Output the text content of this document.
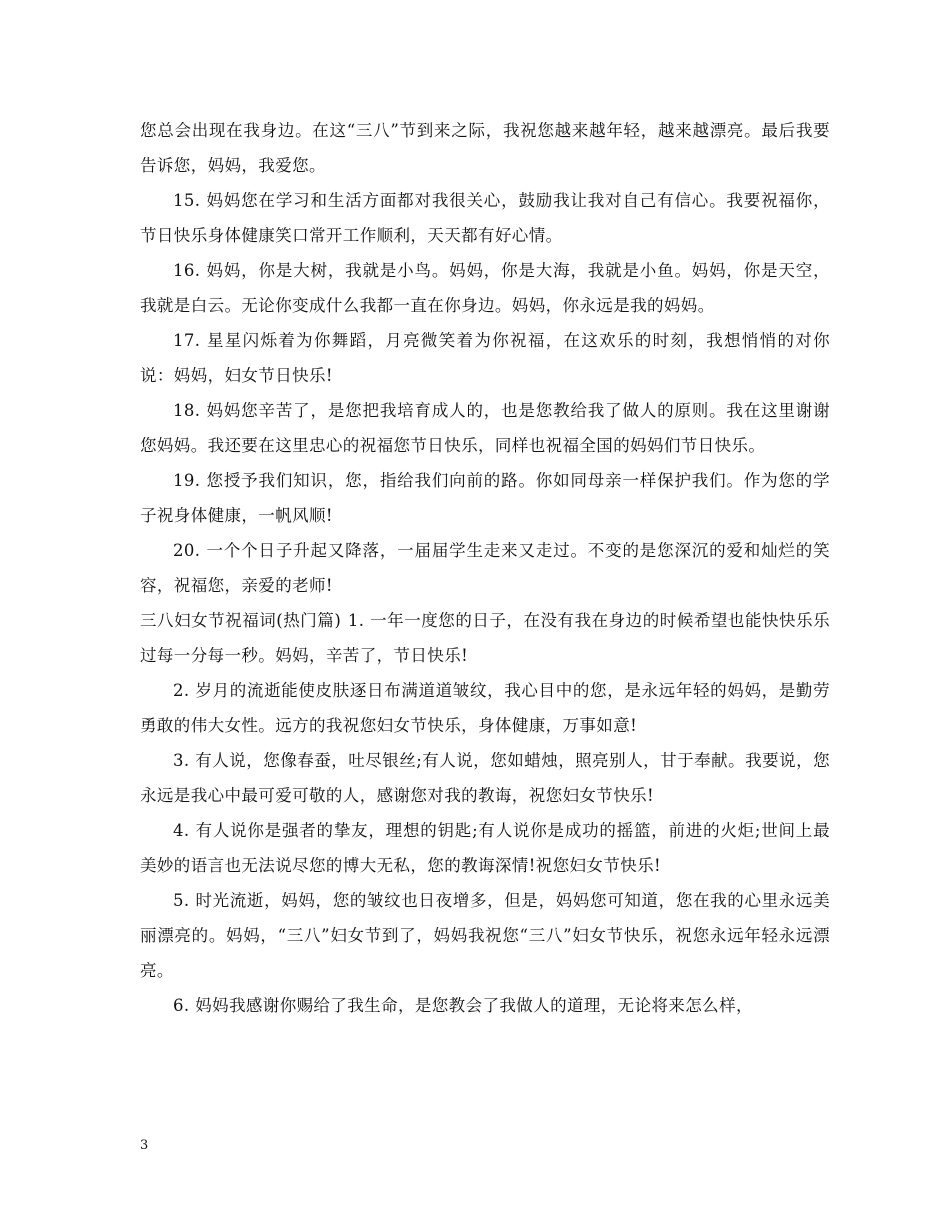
您总会出现在我身边。在这“三八”节到来之际，我祝您越来越年轻，越来越漂亮。最后我要告诉您，妈妈，我爱您。

15. 妈妈您在学习和生活方面都对我很关心，鼓励我让我对自己有信心。我要祝福你，节日快乐身体健康笑口常开工作顺利，天天都有好心情。

16. 妈妈，你是大树，我就是小鸟。妈妈，你是大海，我就是小鱼。妈妈，你是天空，我就是白云。无论你变成什么我都一直在你身边。妈妈，你永远是我的妈妈。

17. 星星闪烁着为你舞蹈，月亮微笑着为你祝福，在这欢乐的时刻，我想悄悄的对你说：妈妈，妇女节日快乐!

18. 妈妈您辛苦了，是您把我培育成人的，也是您教给我了做人的原则。我在这里谢谢您妈妈。我还要在这里忠心的祝福您节日快乐，同样也祝福全国的妈妈们节日快乐。

19. 您授予我们知识，您，指给我们向前的路。你如同母亲一样保护我们。作为您的学子祝身体健康，一帆风顺!

20. 一个个日子升起又降落，一届届学生走来又走过。不变的是您深沉的爱和灿烂的笑容，祝福您，亲爱的老师!

三八妇女节祝福词(热门篇) 1. 一年一度您的日子，在没有我在身边的时候希望也能快快乐乐过每一分每一秒。妈妈，辛苦了，节日快乐!

2. 岁月的流逝能使皮肤逐日布满道道皱纹，我心目中的您，是永远年轻的妈妈，是勤劳勇敢的伟大女性。远方的我祝您妇女节快乐，身体健康，万事如意!

3. 有人说，您像春蚕，吐尽银丝;有人说，您如蜡烛，照亮别人，甘于奉献。我要说，您永远是我心中最可爱可敬的人，感谢您对我的教诲，祝您妇女节快乐!

4. 有人说你是强者的挚友，理想的钥匙;有人说你是成功的摇篮，前进的火炬;世间上最美妙的语言也无法说尽您的博大无私，您的教诲深情!祝您妇女节快乐!

5. 时光流逝，妈妈，您的皱纹也日夜增多，但是，妈妈您可知道，您在我的心里永远美丽漂亮的。妈妈，“三八”妇女节到了，妈妈我祝您“三八”妇女节快乐，祝您永远年轻永远漂亮。

6. 妈妈我感谢你赐给了我生命，是您教会了我做人的道理，无论将来怎么样，

3
